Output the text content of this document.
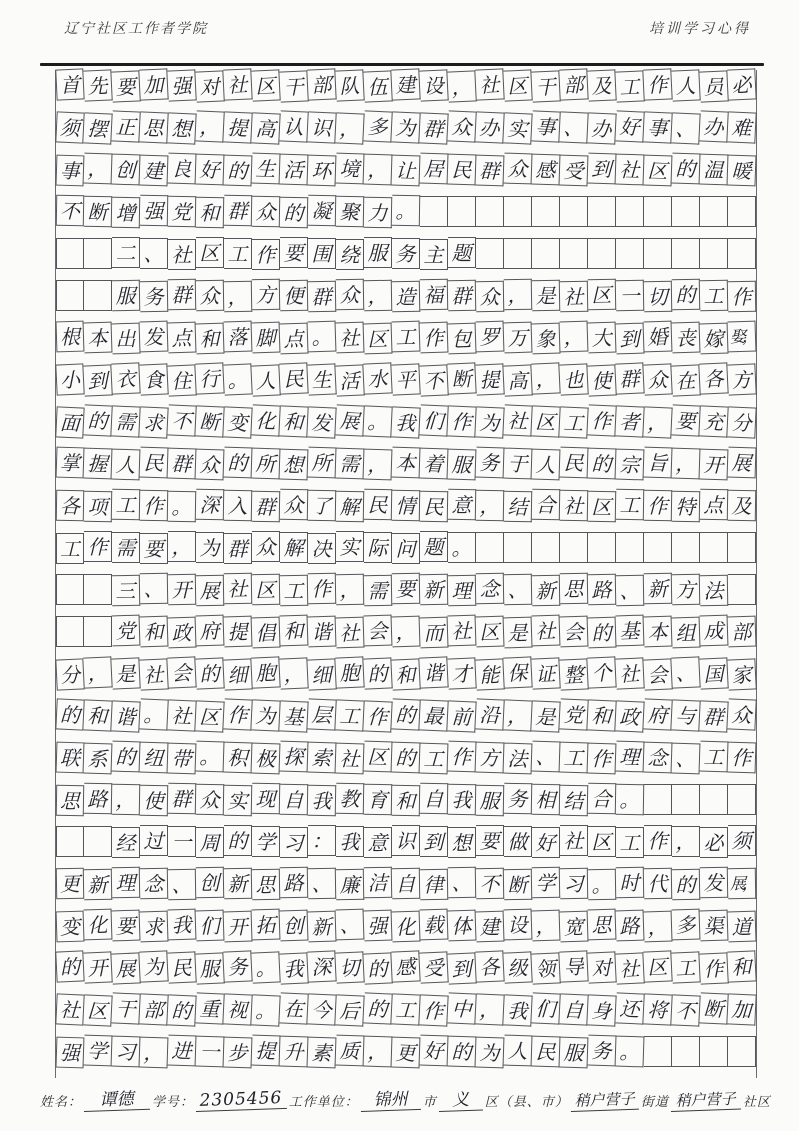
辽宁社区工作者学院	培训学习心得
首 先 要 加 强 对 社 区 干 部 队 伍 建 设 ， 社 区 干 部 及 工 作 人 员 必
须 摆 正 思 想 ， 提 高 认 识 ， 多 为 群 众 办 实 事 、 办 好 事 、 办 难
事 ， 创 建 良 好 的 生 活 环 境 ， 让 居 民 群 众 感 受 到 社 区 的 温 暖
不 断 增 强 党 和 群 众 的 凝 聚 力 。
二 、 社 区 工 作 要 围 绕 服 务 主 题
服 务 群 众 ， 方 便 群 众 ， 造 福 群 众 ， 是 社 区 一 切 的 工 作
根 本 出 发 点 和 落 脚 点 。 社 区 工 作 包 罗 万 象 ， 大 到 婚 丧 嫁 娶，
小 到 衣 食 住 行 。 人 民 生 活 水 平 不 断 提 高 ， 也 使 群 众 在 各 方
面 的 需 求 不 断 变 化 和 发 展 。 我 们 作 为 社 区 工 作 者 ， 要 充 分
掌 握 人 民 群 众 的 所 想 所 需 ， 本 着 服 务 于 人 民 的 宗 旨 ， 开 展
各 项 工 作 。 深 入 群 众 了 解 民 情 民 意 ， 结 合 社 区 工 作 特 点 及
工 作 需 要 ， 为 群 众 解 决 实 际 问 题 。
三 、 开 展 社 区 工 作 ， 需 要 新 理 念 、 新 思 路 、 新 方 法
党 和 政 府 提 倡 和 谐 社 会 ， 而 社 区 是 社 会 的 基 本 组 成 部
分 ， 是 社 会 的 细 胞 ， 细 胞 的 和 谐 才 能 保 证 整 个 社 会 、 国 家
的 和 谐 。 社 区 作 为 基 层 工 作 的 最 前 沿 ， 是 党 和 政 府 与 群 众
联 系 的 纽 带 。 积 极 探 索 社 区 的 工 作 方 法 、 工 作 理 念 、 工 作
思 路 ， 使 群 众 实 现 自 我 教 育 和 自 我 服 务 相 结 合 。
经 过 一 周 的 学 习 ： 我 意 识 到 想 要 做 好 社 区 工 作 ， 必 须
更 新 理 念 、 创 新 思 路 、 廉 洁 自 律 、 不 断 学 习 。 时 代 的 发 展，
变 化 要 求 我 们 开 拓 创 新 、 强 化 载 体 建 设 ， 宽 思 路 ， 多 渠 道
的 开 展 为 民 服 务 。 我 深 切 的 感 受 到 各 级 领 导 对 社 区 工 作 和
社 区 干 部 的 重 视 。 在 今 后 的 工 作 中 ， 我 们 自 身 还 将 不 断 加
强 学 习 ， 进 一 步 提 升 素 质 ， 更 好 的 为 人 民 服 务 。
姓名：	谭德	学号： 2305456 工作单位： 锦州	市 义	区（县、市） 稍户营子 街道 稍户营子 社区
